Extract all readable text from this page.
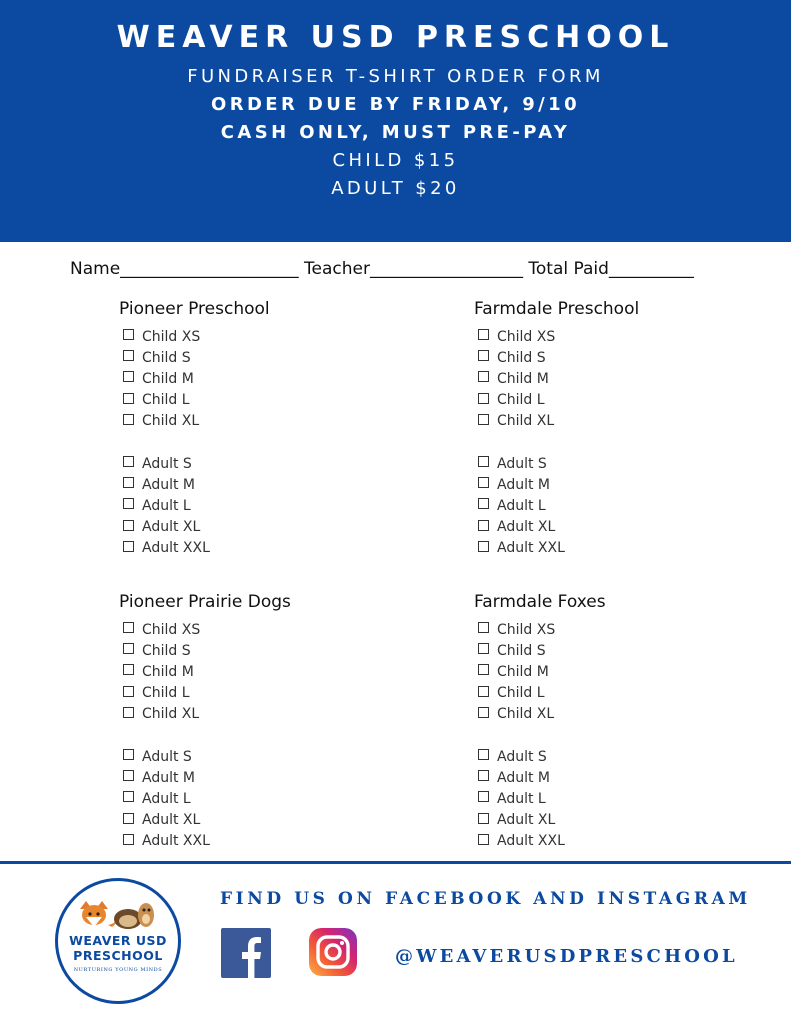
WEAVER USD PRESCHOOL
FUNDRAISER T-SHIRT ORDER FORM
ORDER DUE BY FRIDAY, 9/10
CASH ONLY, MUST PRE-PAY
CHILD $15
ADULT $20
Name_____________________ Teacher__________________ Total Paid__________
Pioneer Preschool
Child XS
Child S
Child M
Child L
Child XL
Adult S
Adult M
Adult L
Adult XL
Adult XXL
Farmdale Preschool
Child XS
Child S
Child M
Child L
Child XL
Adult S
Adult M
Adult L
Adult XL
Adult XXL
Pioneer Prairie Dogs
Child XS
Child S
Child M
Child L
Child XL
Adult S
Adult M
Adult L
Adult XL
Adult XXL
Farmdale Foxes
Child XS
Child S
Child M
Child L
Child XL
Adult S
Adult M
Adult L
Adult XL
Adult XXL
WEAVER USD
PRESCHOOL
NURTURING YOUNG MINDS
FIND US ON FACEBOOK AND INSTAGRAM
@WEAVERUSDPRESCHOOL
